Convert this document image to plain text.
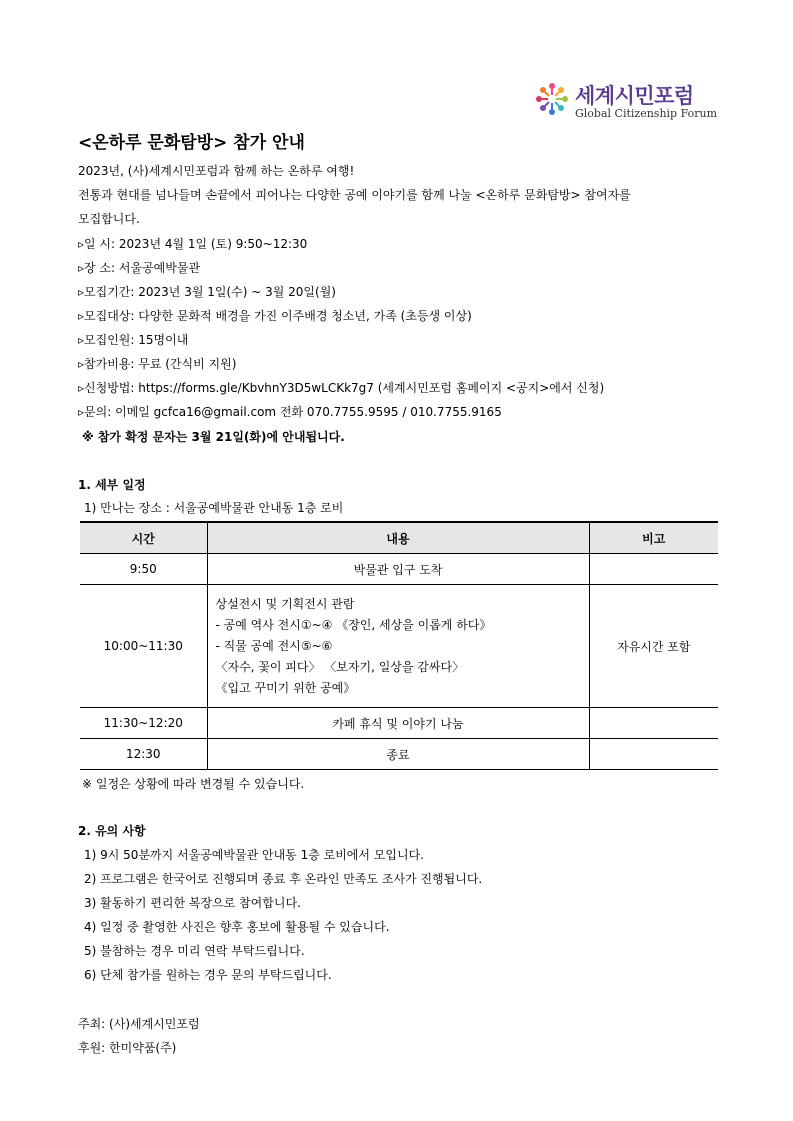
세계시민포럼
Global Citizenship Forum
<온하루 문화탐방> 참가 안내
2023년, (사)세계시민포럼과 함께 하는 온하루 여행!
전통과 현대를 넘나들며 손끝에서 피어나는 다양한 공예 이야기를 함께 나눌 <온하루 문화탐방> 참여자를
모집합니다.
▹일 시: 2023년 4월 1일 (토) 9:50~12:30
▹장 소: 서울공예박물관
▹모집기간: 2023년 3월 1일(수) ~ 3월 20일(월)
▹모집대상: 다양한 문화적 배경을 가진 이주배경 청소년, 가족 (초등생 이상)
▹모집인원: 15명이내
▹참가비용: 무료 (간식비 지원)
▹신청방법: https://forms.gle/KbvhnY3D5wLCKk7g7 (세계시민포럼 홈페이지 <공지>에서 신청)
▹문의: 이메일 gcfca16@gmail.com 전화 070.7755.9595 / 010.7755.9165
※ 참가 확정 문자는 3월 21일(화)에 안내됩니다.
1. 세부 일정
1) 만나는 장소 : 서울공예박물관 안내동 1층 로비
시간	내용	비고
9:50	박물관 입구 도착	
10:00~11:30	상설전시 및 기획전시 관람
- 공예 역사 전시①~④ 《장인, 세상을 이롭게 하다》
- 직물 공예 전시⑤~⑥
〈자수, 꽃이 피다〉 〈보자기, 일상을 감싸다〉
《입고 꾸미기 위한 공예》	자유시간 포함
11:30~12:20	카페 휴식 및 이야기 나눔	
12:30	종료	
※ 일정은 상황에 따라 변경될 수 있습니다.
2. 유의 사항
1) 9시 50분까지 서울공예박물관 안내동 1층 로비에서 모입니다.
2) 프로그램은 한국어로 진행되며 종료 후 온라인 만족도 조사가 진행됩니다.
3) 활동하기 편리한 복장으로 참여합니다.
4) 일정 중 촬영한 사진은 향후 홍보에 활용될 수 있습니다.
5) 불참하는 경우 미리 연락 부탁드립니다.
6) 단체 참가를 원하는 경우 문의 부탁드립니다.
주최: (사)세계시민포럼
후원: 한미약품(주)
